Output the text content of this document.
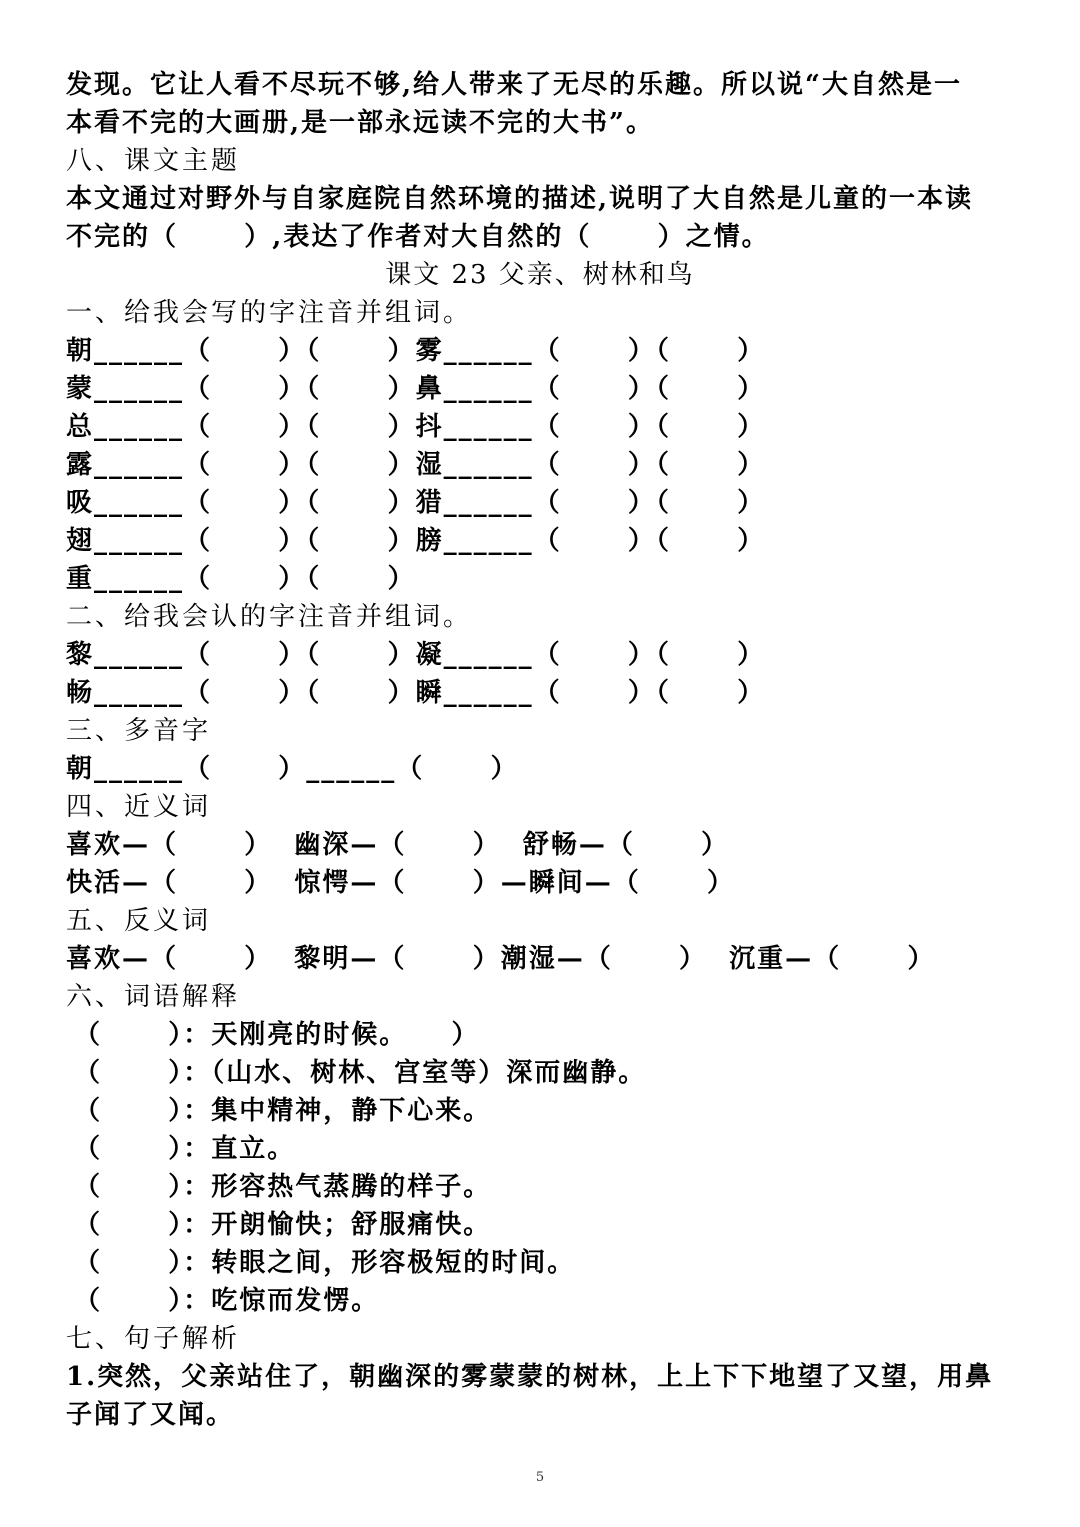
发现。它让人看不尽玩不够,给人带来了无尽的乐趣。所以说“大自然是一
本看不完的大画册,是一部永远读不完的大书”。
八、课文主题
本文通过对野外与自家庭院自然环境的描述,说明了大自然是儿童的一本读
不完的（      ）,表达了作者对大自然的（      ）之情。
课文 23 父亲、树林和鸟
一、给我会写的字注音并组词。
朝______（      ）（      ）雾______（      ）（      ）
蒙______（      ）（      ）鼻______（      ）（      ）
总______（      ）（      ）抖______（      ）（      ）
露______（      ）（      ）湿______（      ）（      ）
吸______（      ）（      ）猎______（      ）（      ）
翅______（      ）（      ）膀______（      ）（      ）
重______（      ）（      ）
二、给我会认的字注音并组词。
黎______（      ）（      ）凝______（      ）（      ）
畅______（      ）（      ）瞬______（      ）（      ）
三、多音字
朝______（      ）______（      ）
四、近义词
喜欢—（      ）  幽深—（      ）  舒畅—（      ）
快活—（      ）  惊愕—（      ）—瞬间—（      ）
五、反义词
喜欢—（      ）  黎明—（      ）潮湿—（      ）  沉重—（      ）
六、词语解释
（      ）：天刚亮的时候。    ）
（      ）：（山水、树林、宫室等）深而幽静。
（      ）：集中精神，静下心来。
（      ）：直立。
（      ）：形容热气蒸腾的样子。
（      ）：开朗愉快；舒服痛快。
（      ）：转眼之间，形容极短的时间。
（      ）：吃惊而发愣。
七、句子解析
1.突然，父亲站住了，朝幽深的雾蒙蒙的树林，上上下下地望了又望，用鼻
子闻了又闻。
5
